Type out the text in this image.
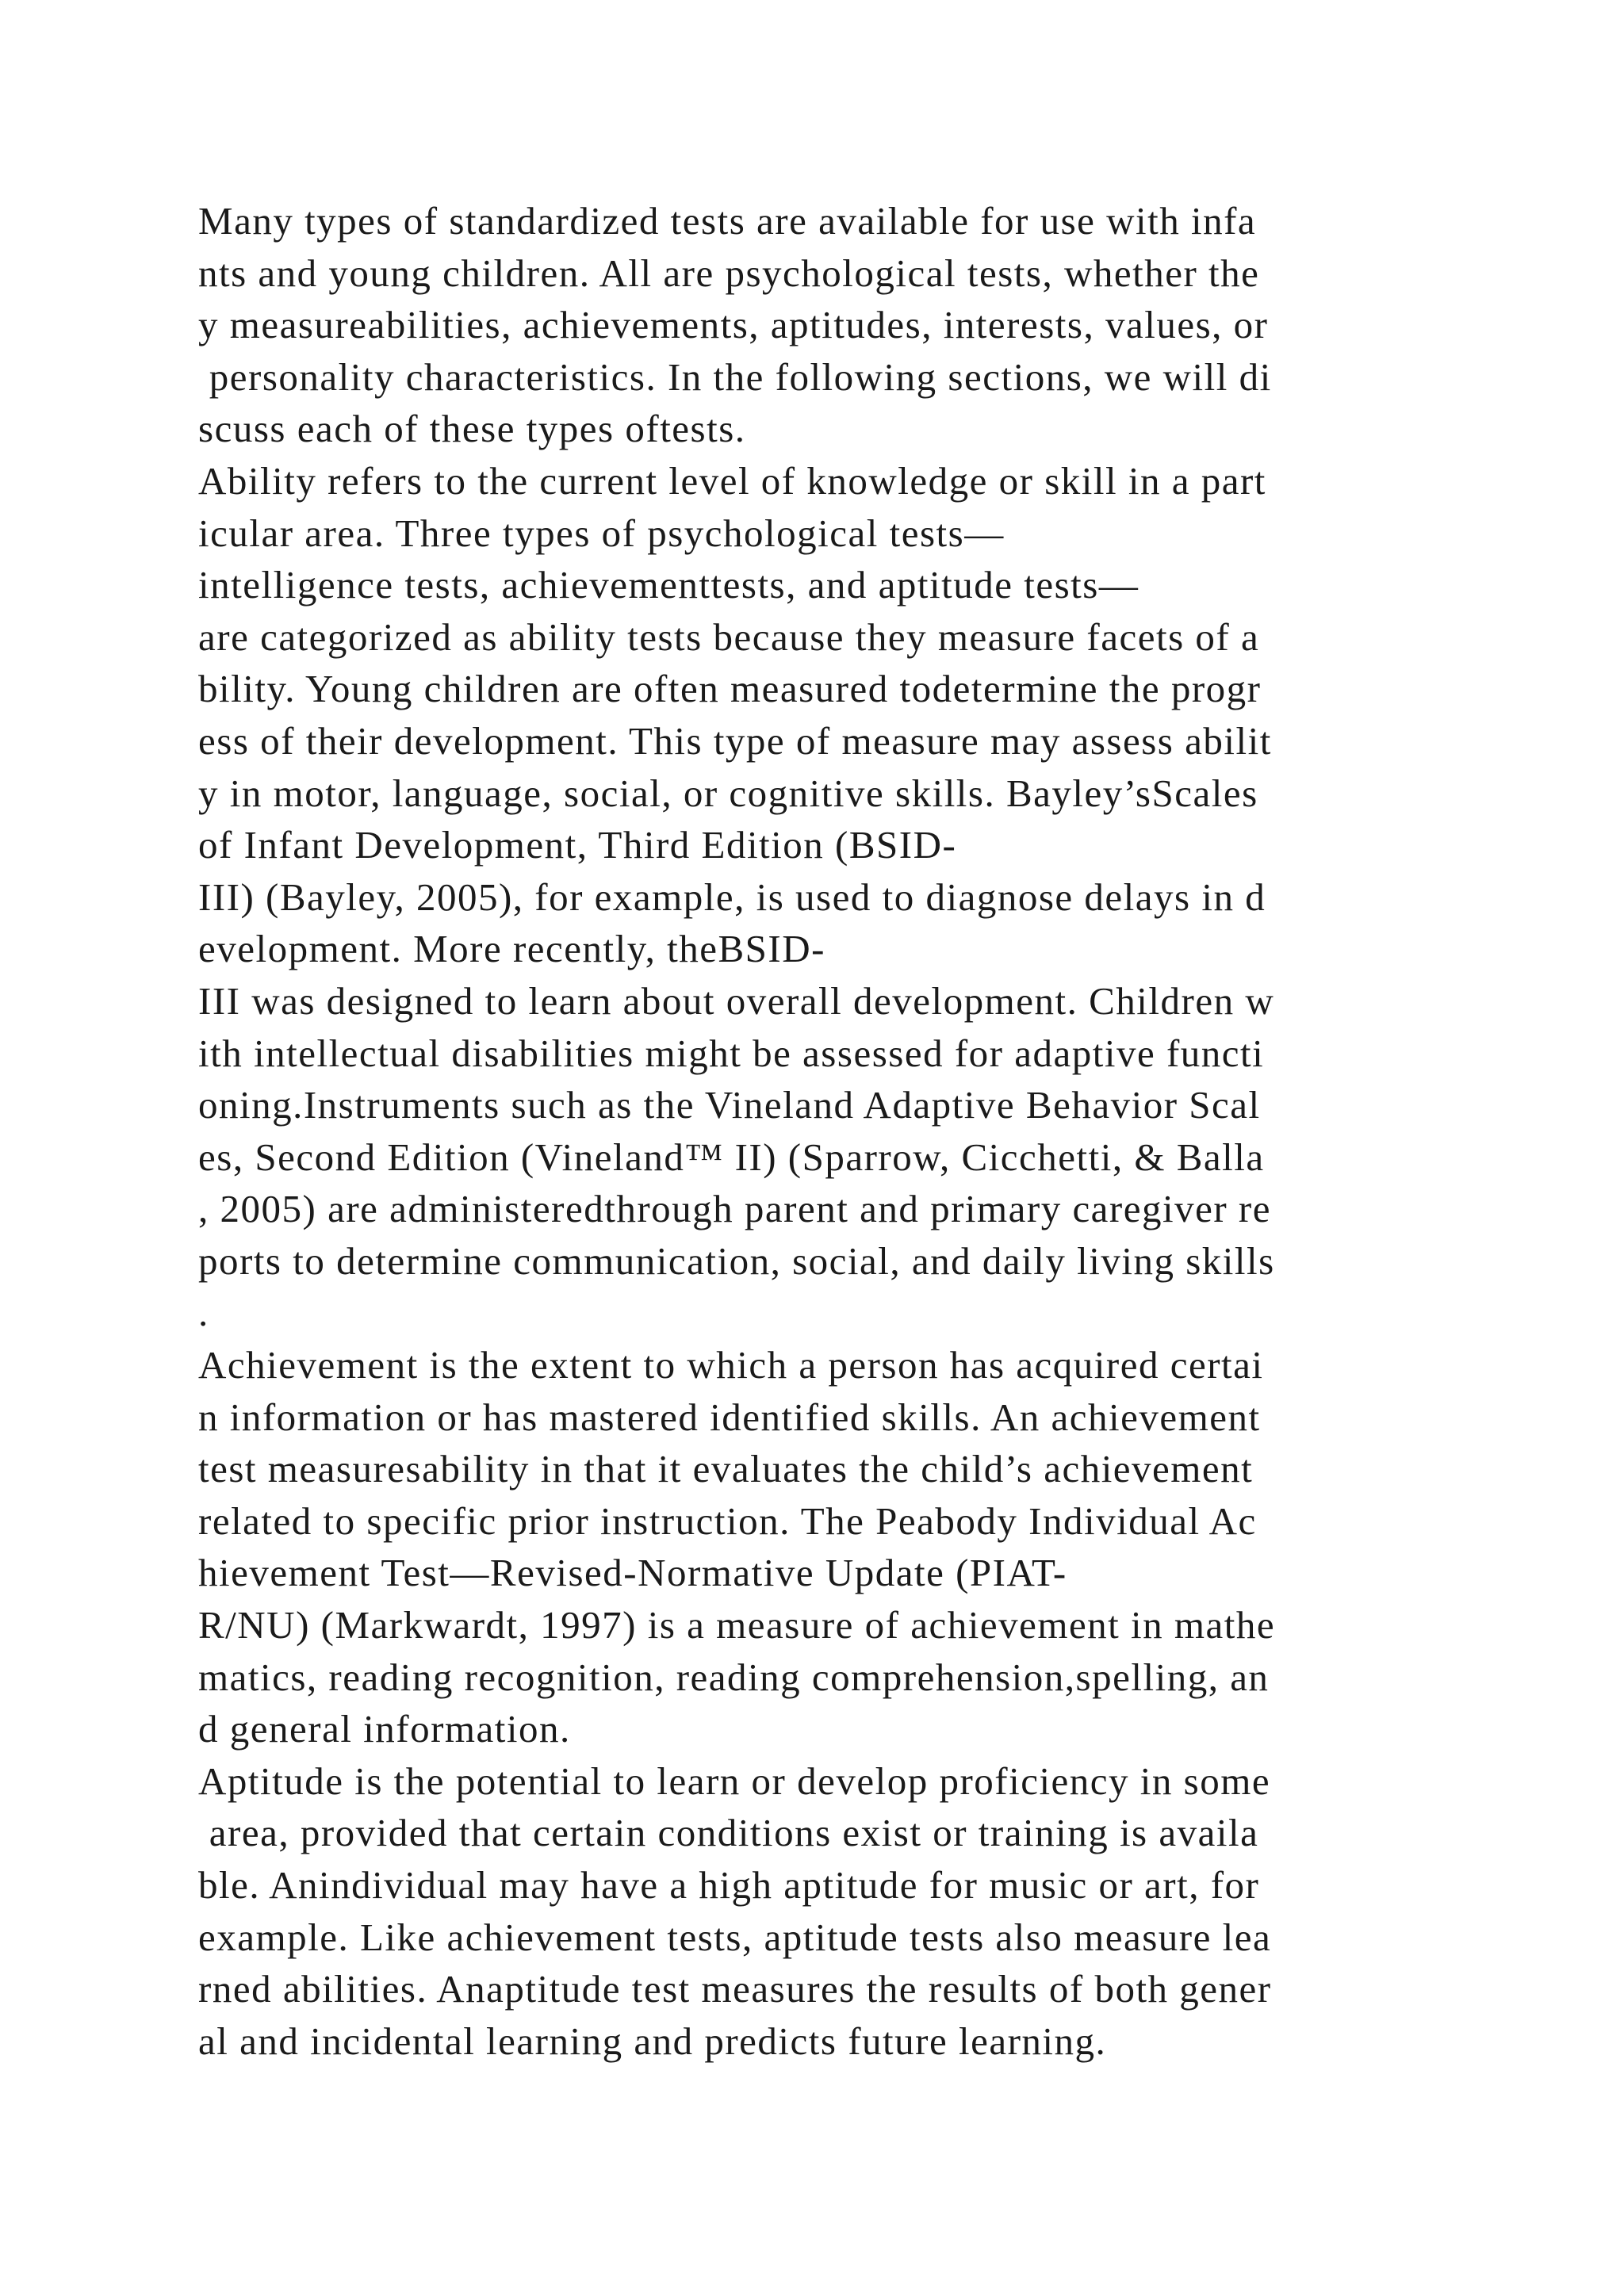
Many types of standardized tests are available for use with infa
nts and young children. All are psychological tests, whether the
y measureabilities, achievements, aptitudes, interests, values, or
personality characteristics. In the following sections, we will di
scuss each of these types oftests.
Ability refers to the current level of knowledge or skill in a part
icular area. Three types of psychological tests—
intelligence tests, achievementtests, and aptitude tests—
are categorized as ability tests because they measure facets of a
bility. Young children are often measured todetermine the progr
ess of their development. This type of measure may assess abilit
y in motor, language, social, or cognitive skills. Bayley’sScales
of Infant Development, Third Edition (BSID-
III) (Bayley, 2005), for example, is used to diagnose delays in d
evelopment. More recently, theBSID-
III was designed to learn about overall development. Children w
ith intellectual disabilities might be assessed for adaptive functi
oning.Instruments such as the Vineland Adaptive Behavior Scal
es, Second Edition (Vineland™ II) (Sparrow, Cicchetti, & Balla
, 2005) are administeredthrough parent and primary caregiver re
ports to determine communication, social, and daily living skills
.
Achievement is the extent to which a person has acquired certai
n information or has mastered identified skills. An achievement
test measuresability in that it evaluates the child’s achievement
related to specific prior instruction. The Peabody Individual Ac
hievement Test—Revised-Normative Update (PIAT-
R/NU) (Markwardt, 1997) is a measure of achievement in mathe
matics, reading recognition, reading comprehension,spelling, an
d general information.
Aptitude is the potential to learn or develop proficiency in some
area, provided that certain conditions exist or training is availa
ble. Anindividual may have a high aptitude for music or art, for
example. Like achievement tests, aptitude tests also measure lea
rned abilities. Anaptitude test measures the results of both gener
al and incidental learning and predicts future learning.
